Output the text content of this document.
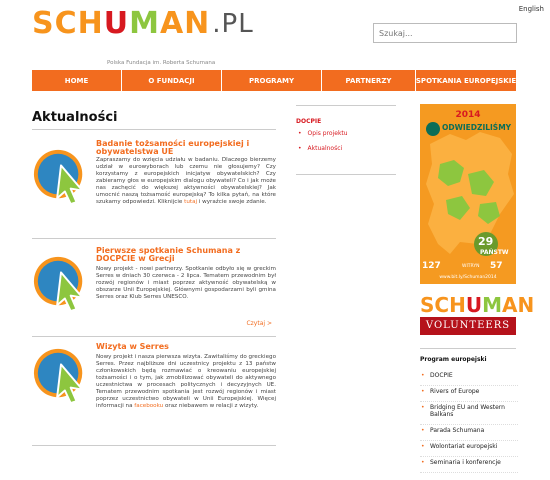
SCH U M AN .PL
Polska Fundacja im. Roberta Schumana
English
Szukaj...
HOME	O FUNDACJI	PROGRAMY	PARTNERZY	SPOTKANIA EUROPEJSKIE
Aktualności
Badanie tożsamości europejskiej i obywatelstwa UE
Zapraszamy do wzięcia udziału w badaniu. Dlaczego bierzemy udział w eurowyborach lub czemu nie głosujemy? Czy korzystamy z europejskich inicjatyw obywatelskich? Czy zabieramy głos w europejskim dialogu obywateli? Co i jak może nas zachęcić do większej aktywności obywatelskiej? Jak umocnić naszą tożsamość europejską? To kilka pytań, na które szukamy odpowiedzi. Kliknijcie tutaj i wyraźcie swoje zdanie.
Pierwsze spotkanie Schumana z DOCPCIE w Grecji
Nowy projekt - nowi partnerzy. Spotkanie odbyło się w greckim Serres w dniach 30 czerwca - 2 lipca. Tematem przewodnim był rozwój regionów i miast poprzez aktywność obywatelską w obszarze Unii Europejskiej. Głównymi gospodarzami byli gmina Serres oraz Klub Serres UNESCO.
Czytaj >
Wizyta w Serres
Nowy projekt i nasza pierwsza wizyta. Zawitaliśmy do greckiego Serres. Przez najbliższe dni uczestnicy projektu z 13 państw członkowskich będą rozmawiać o kreowaniu europejskiej tożsamości i o tym, jak zmobilizować obywateli do aktywnego uczestnictwa w procesach politycznych i decyzyjnych UE. Tematem przewodnim spotkania jest rozwój regionów i miast poprzez uczestnictwo obywateli w Unii Europejskiej. Więcej informacji na facebooku oraz niebawem w relacji z wizyty.
DOCPIE
• Opis projektu
• Aktualności
2014
ODWIEDZILIŚMY
29
PAŃSTW
127	WITRYN 57
www.bit.ly/Schuman2014
S C H U M A N
VOLUNTEERS
Program europejski
• DOCPIE
• Rivers of Europe
• Bridging EU and Western Balkans
• Parada Schumana
• Wolontariat europejski
• Seminaria i konferencje
